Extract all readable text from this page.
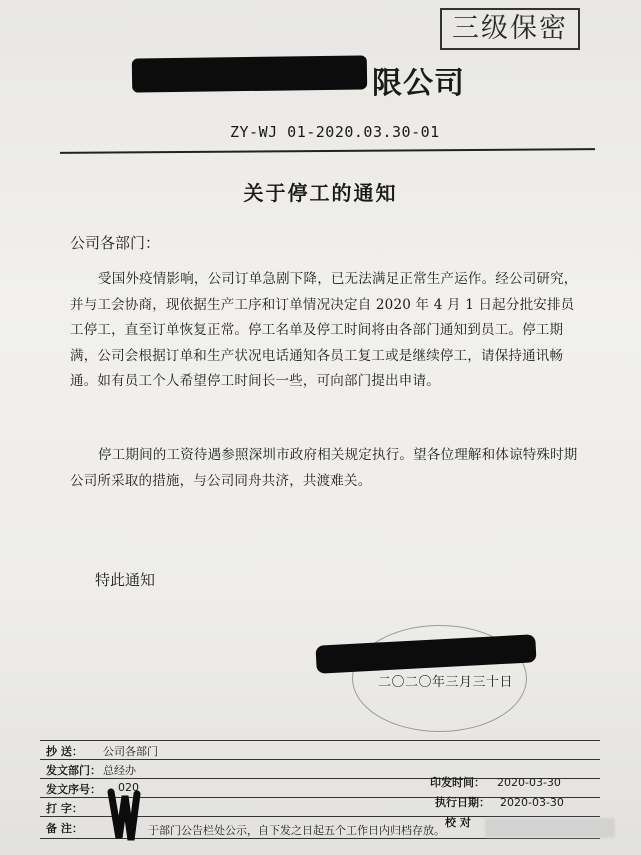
三级保密
限公司
ZY-WJ 01-2020.03.30-01
关于停工的通知
公司各部门：
受国外疫情影响，公司订单急剧下降，已无法满足正常生产运作。经公司研究，并与工会协商，现依据生产工序和订单情况决定自 2020 年 4 月 1 日起分批安排员工停工，直至订单恢复正常。停工名单及停工时间将由各部门通知到员工。停工期满，公司会根据订单和生产状况电话通知各员工复工或是继续停工，请保持通讯畅通。如有员工个人希望停工时间长一些，可向部门提出申请。
停工期间的工资待遇参照深圳市政府相关规定执行。望各位理解和体谅特殊时期公司所采取的措施，与公司同舟共济，共渡难关。
特此通知
二〇二〇年三月三十日
抄 送： 公司各部门
发文部门： 总经办
发文序号： 020	印发时间： 2020-03-30
打 字：	执行日期： 2020-03-30
校 对
备 注：	于部门公告栏处公示，自下发之日起五个工作日内归档存放。
